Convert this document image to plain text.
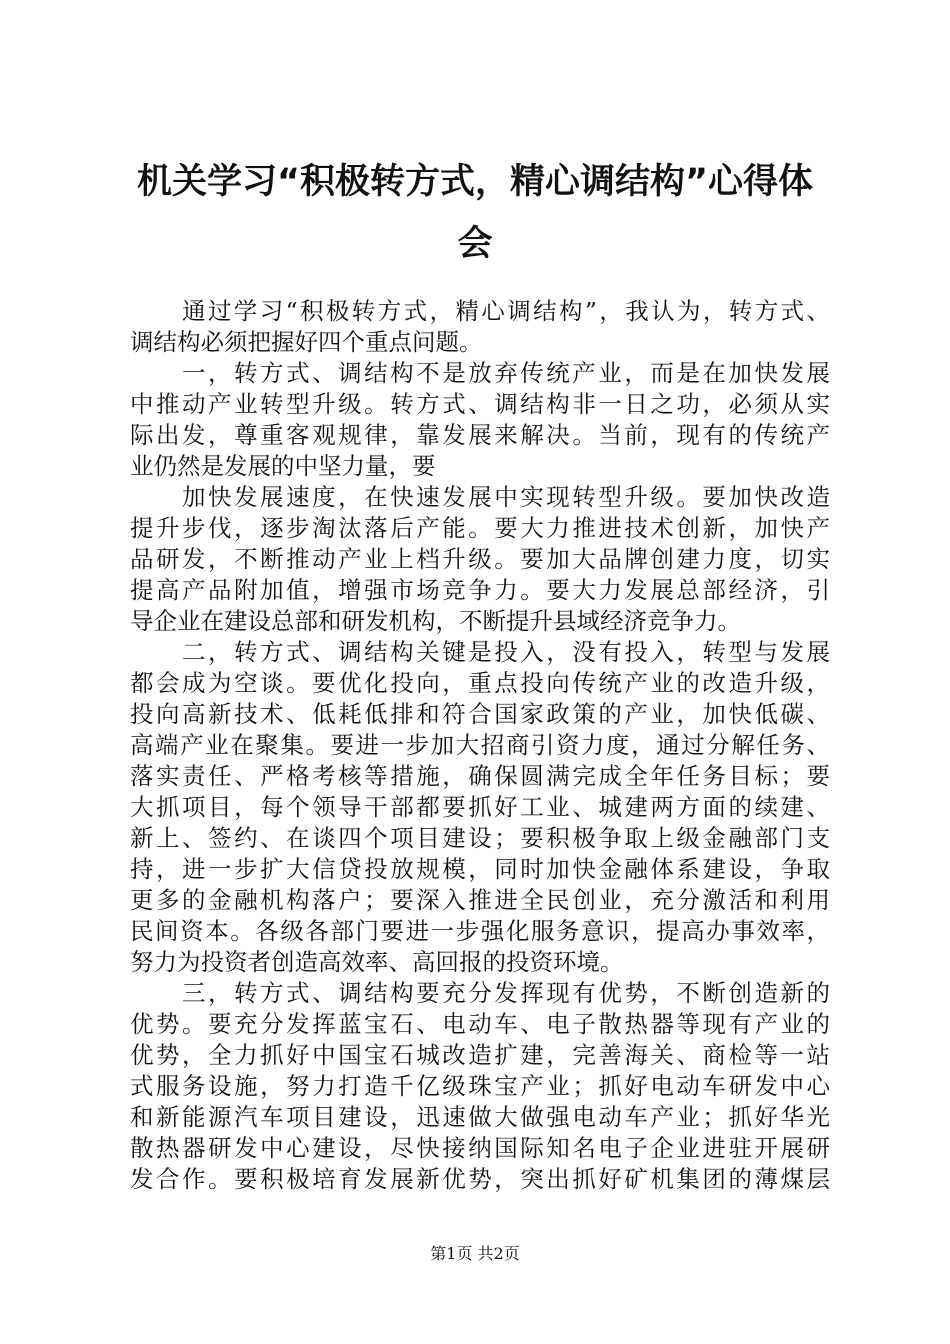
机关学习“积极转方式，精心调结构”心得体
会
通过学习“积极转方式，精心调结构”，我认为，转方式、
调结构必须把握好四个重点问题。
一，转方式、调结构不是放弃传统产业，而是在加快发展
中推动产业转型升级。转方式、调结构非一日之功，必须从实
际出发，尊重客观规律，靠发展来解决。当前，现有的传统产
业仍然是发展的中坚力量，要
加快发展速度，在快速发展中实现转型升级。要加快改造
提升步伐，逐步淘汰落后产能。要大力推进技术创新，加快产
品研发，不断推动产业上档升级。要加大品牌创建力度，切实
提高产品附加值，增强市场竞争力。要大力发展总部经济，引
导企业在建设总部和研发机构，不断提升县域经济竞争力。
二，转方式、调结构关键是投入，没有投入，转型与发展
都会成为空谈。要优化投向，重点投向传统产业的改造升级，
投向高新技术、低耗低排和符合国家政策的产业，加快低碳、
高端产业在聚集。要进一步加大招商引资力度，通过分解任务、
落实责任、严格考核等措施，确保圆满完成全年任务目标；要
大抓项目，每个领导干部都要抓好工业、城建两方面的续建、
新上、签约、在谈四个项目建设；要积极争取上级金融部门支
持，进一步扩大信贷投放规模，同时加快金融体系建设，争取
更多的金融机构落户；要深入推进全民创业，充分激活和利用
民间资本。各级各部门要进一步强化服务意识，提高办事效率，
努力为投资者创造高效率、高回报的投资环境。
三，转方式、调结构要充分发挥现有优势，不断创造新的
优势。要充分发挥蓝宝石、电动车、电子散热器等现有产业的
优势，全力抓好中国宝石城改造扩建，完善海关、商检等一站
式服务设施，努力打造千亿级珠宝产业；抓好电动车研发中心
和新能源汽车项目建设，迅速做大做强电动车产业；抓好华光
散热器研发中心建设，尽快接纳国际知名电子企业进驻开展研
发合作。要积极培育发展新优势，突出抓好矿机集团的薄煤层
第1页 共2页
